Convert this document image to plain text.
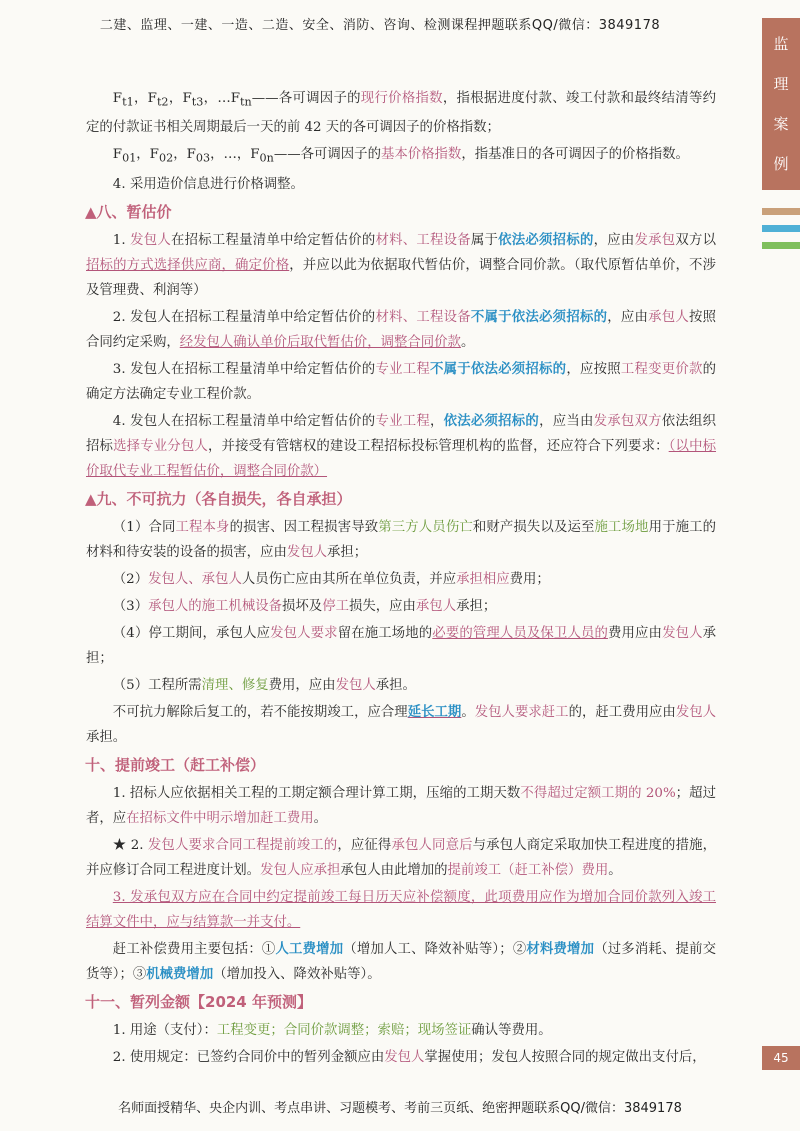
二建、监理、一建、一造、二造、安全、消防、咨询、检测课程押题联系QQ/微信：3849178
监
理
案
例
45

$F_{t1}$，$F_{t2}$，$F_{t3}$，$\dots F_{tn}——$各可调因子的现行价格指数，指根据进度付款、竣工付款和最终结清等约定的付款证书相关周期最后一天的前 42 天的各可调因子的价格指数；

$F_{01}$，$F_{02}$，$F_{03}$，…，$F_{0n}——$各可调因子的基本价格指数，指基准日的各可调因子的价格指数。

4. 采用造价信息进行价格调整。

▲八、暂估价

1. 发包人在招标工程量清单中给定暂估价的材料、工程设备属于依法必须招标的，应由发承包双方以招标的方式选择供应商，确定价格，并应以此为依据取代暂估价，调整合同价款。（取代原暂估单价，不涉及管理费、利润等）

2. 发包人在招标工程量清单中给定暂估价的材料、工程设备不属于依法必须招标的，应由承包人按照合同约定采购，经发包人确认单价后取代暂估价，调整合同价款。

3. 发包人在招标工程量清单中给定暂估价的专业工程不属于依法必须招标的，应按照工程变更价款的确定方法确定专业工程价款。

4. 发包人在招标工程量清单中给定暂估价的专业工程，依法必须招标的，应当由发承包双方依法组织招标选择专业分包人，并接受有管辖权的建设工程招标投标管理机构的监督，还应符合下列要求：（以中标价取代专业工程暂估价，调整合同价款）

▲九、不可抗力（各自损失，各自承担）

（1）合同工程本身的损害、因工程损害导致第三方人员伤亡和财产损失以及运至施工场地用于施工的材料和待安装的设备的损害，应由发包人承担；

（2）发包人、承包人人员伤亡应由其所在单位负责，并应承担相应费用；

（3）承包人的施工机械设备损坏及停工损失，应由承包人承担；

（4）停工期间，承包人应发包人要求留在施工场地的必要的管理人员及保卫人员的费用应由发包人承担；

（5）工程所需清理、修复费用，应由发包人承担。

不可抗力解除后复工的，若不能按期竣工，应合理延长工期。发包人要求赶工的，赶工费用应由发包人承担。

十、提前竣工（赶工补偿）

1. 招标人应依据相关工程的工期定额合理计算工期，压缩的工期天数不得超过定额工期的 20%；超过者，应在招标文件中明示增加赶工费用。

★ 2. 发包人要求合同工程提前竣工的，应征得承包人同意后与承包人商定采取加快工程进度的措施，并应修订合同工程进度计划。发包人应承担承包人由此增加的提前竣工（赶工补偿）费用。

3. 发承包双方应在合同中约定提前竣工每日历天应补偿额度，此项费用应作为增加合同价款列入竣工结算文件中，应与结算款一并支付。

赶工补偿费用主要包括：①人工费增加（增加人工、降效补贴等）；②材料费增加（过多消耗、提前交货等）；③机械费增加（增加投入、降效补贴等）。

十一、暂列金额【2024 年预测】

1. 用途（支付）：工程变更；合同价款调整；索赔；现场签证确认等费用。

2. 使用规定：已签约合同价中的暂列金额应由发包人掌握使用；发包人按照合同的规定做出支付后，

名师面授精华、央企内训、考点串讲、习题模考、考前三页纸、绝密押题联系QQ/微信：3849178
